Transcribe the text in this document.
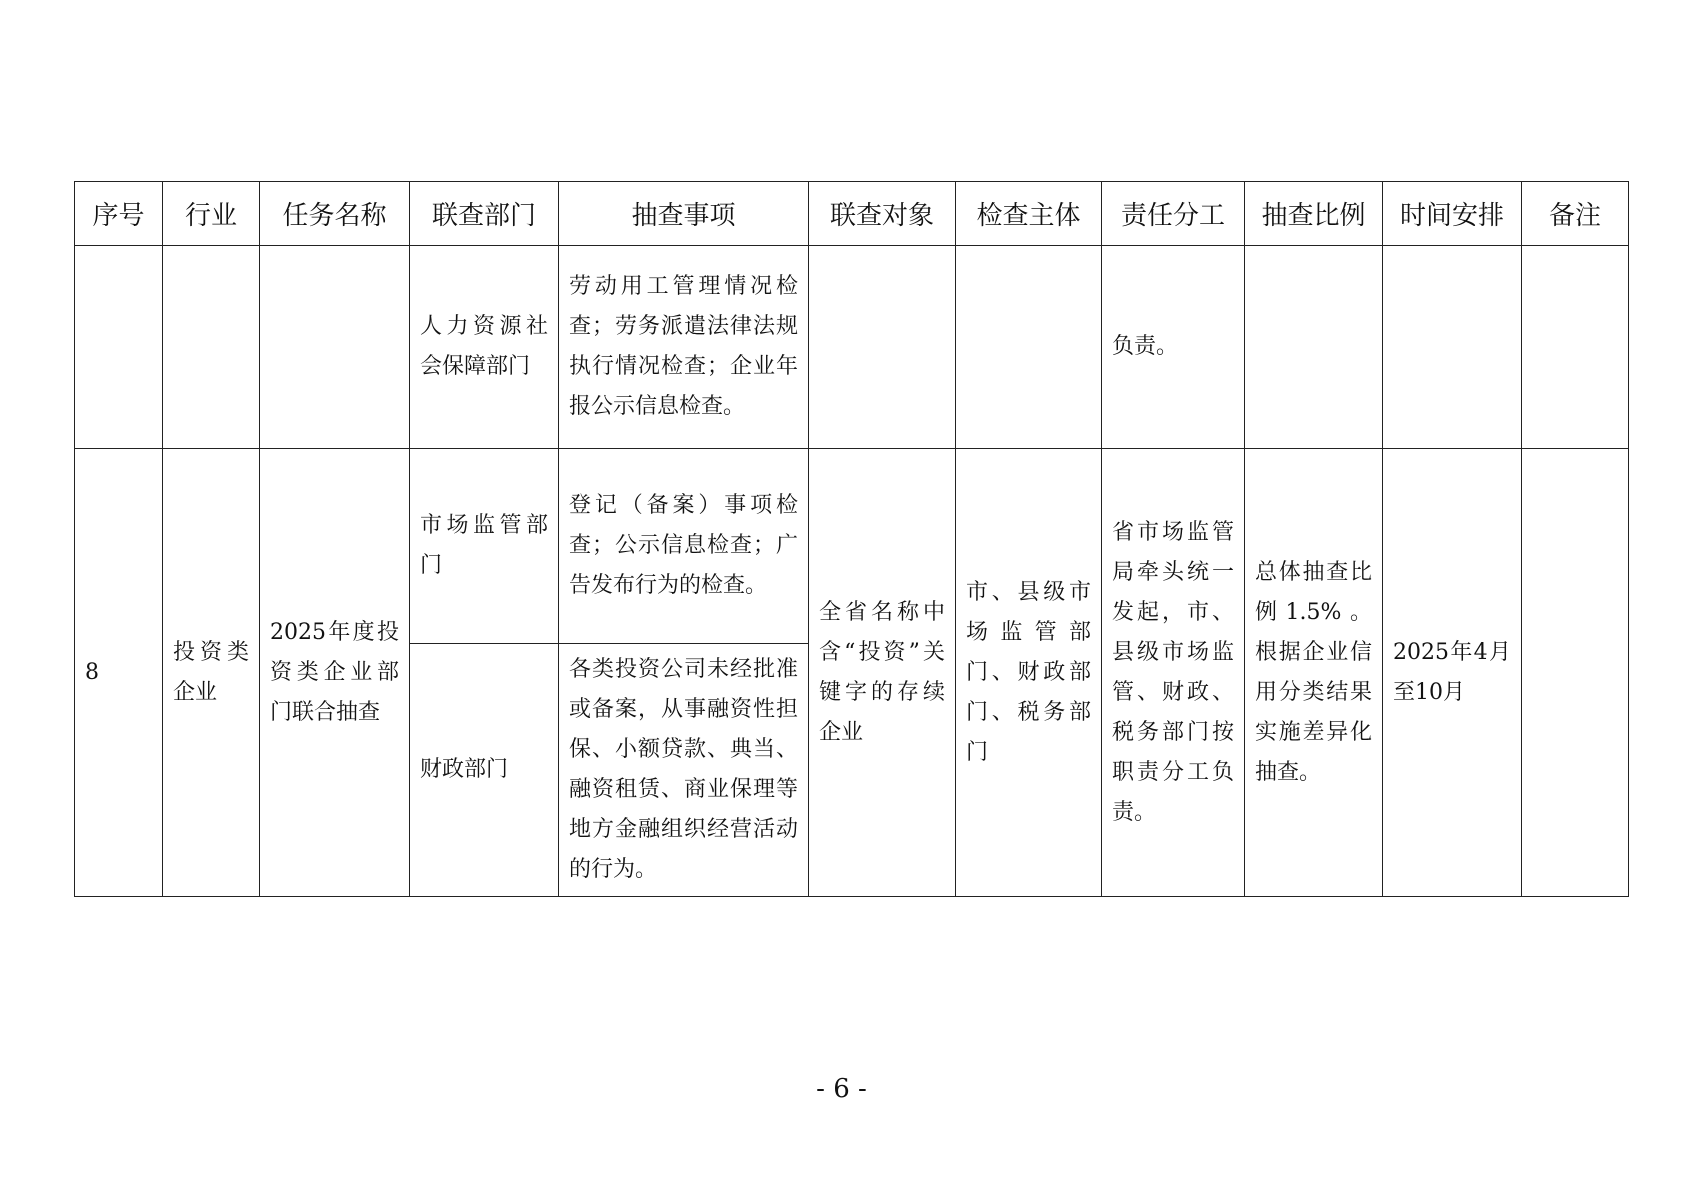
序号	行业	任务名称	联查部门	抽查事项	联查对象	检查主体	责任分工	抽查比例	时间安排	备注
			人力资源社会保障部门	劳动用工管理情况检查；劳务派遣法律法规执行情况检查；企业年报公示信息检查。			负责。			
8	投资类企业	2025年度投资类企业部门联合抽查	市场监管部门	登记（备案）事项检查；公示信息检查；广告发布行为的检查。	全省名称中含“投资”关键字的存续企业	市、县级市场监管部门、财政部门、税务部门	省市场监管局牵头统一发起，市、县级市场监管、财政、税务部门按职责分工负责。	总体抽查比例1.5%。根据企业信用分类结果实施差异化抽查。	2025年4月至10月	
			财政部门	各类投资公司未经批准或备案，从事融资性担保、小额贷款、典当、融资租赁、商业保理等地方金融组织经营活动的行为。						
- 6 -
